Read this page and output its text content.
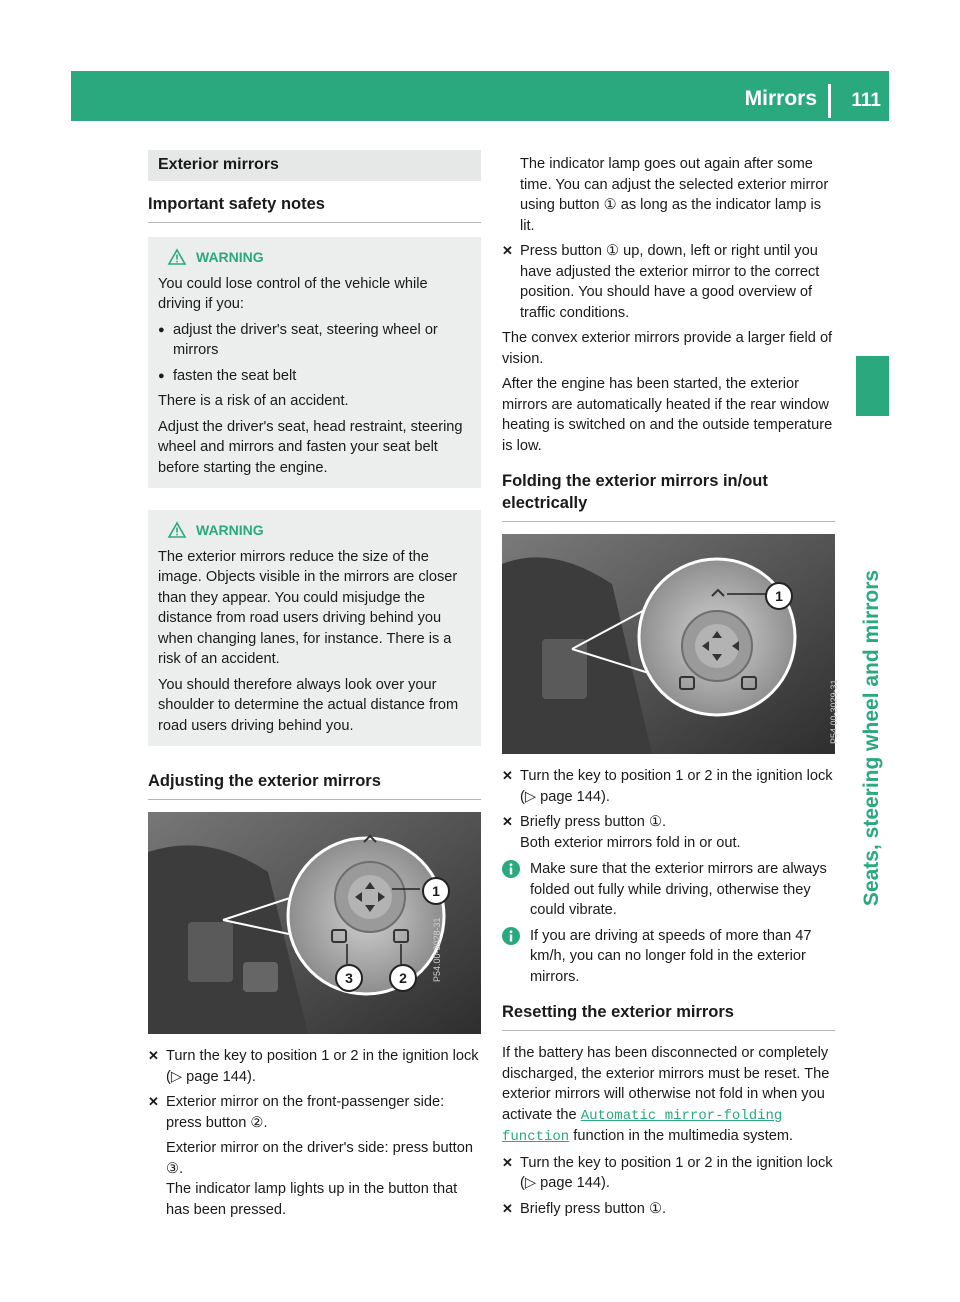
Mirrors 111
Seats, steering wheel and mirrors
Exterior mirrors
Important safety notes
WARNING
You could lose control of the vehicle while driving if you:
● adjust the driver's seat, steering wheel or mirrors
● fasten the seat belt
There is a risk of an accident.
Adjust the driver's seat, head restraint, steering wheel and mirrors and fasten your seat belt before starting the engine.
WARNING
The exterior mirrors reduce the size of the image. Objects visible in the mirrors are closer than they appear. You could misjudge the distance from road users driving behind you when changing lanes, for instance. There is a risk of an accident.
You should therefore always look over your shoulder to determine the actual distance from road users driving behind you.
Adjusting the exterior mirrors
1
3	2	P54.00-3028-31
✕ Turn the key to position 1 or 2 in the ignition lock (▷ page 144).
✕ Exterior mirror on the front-passenger side: press button ②.
Exterior mirror on the driver's side: press button ③.
The indicator lamp lights up in the button that has been pressed.
The indicator lamp goes out again after some time. You can adjust the selected exterior mirror using button ① as long as the indicator lamp is lit.
✕ Press button ① up, down, left or right until you have adjusted the exterior mirror to the correct position. You should have a good overview of traffic conditions.
The convex exterior mirrors provide a larger field of vision.
After the engine has been started, the exterior mirrors are automatically heated if the rear window heating is switched on and the outside temperature is low.
Folding the exterior mirrors in/out electrically
1
P54.00-3029-31
✕ Turn the key to position 1 or 2 in the ignition lock (▷ page 144).
✕ Briefly press button ①.
Both exterior mirrors fold in or out.
Make sure that the exterior mirrors are always folded out fully while driving, otherwise they could vibrate.
If you are driving at speeds of more than 47 km/h, you can no longer fold in the exterior mirrors.
Resetting the exterior mirrors
If the battery has been disconnected or completely discharged, the exterior mirrors must be reset. The exterior mirrors will otherwise not fold in when you activate the Automatic mirror-folding function function in the multimedia system.
✕ Turn the key to position 1 or 2 in the ignition lock (▷ page 144).
✕ Briefly press button ①.
